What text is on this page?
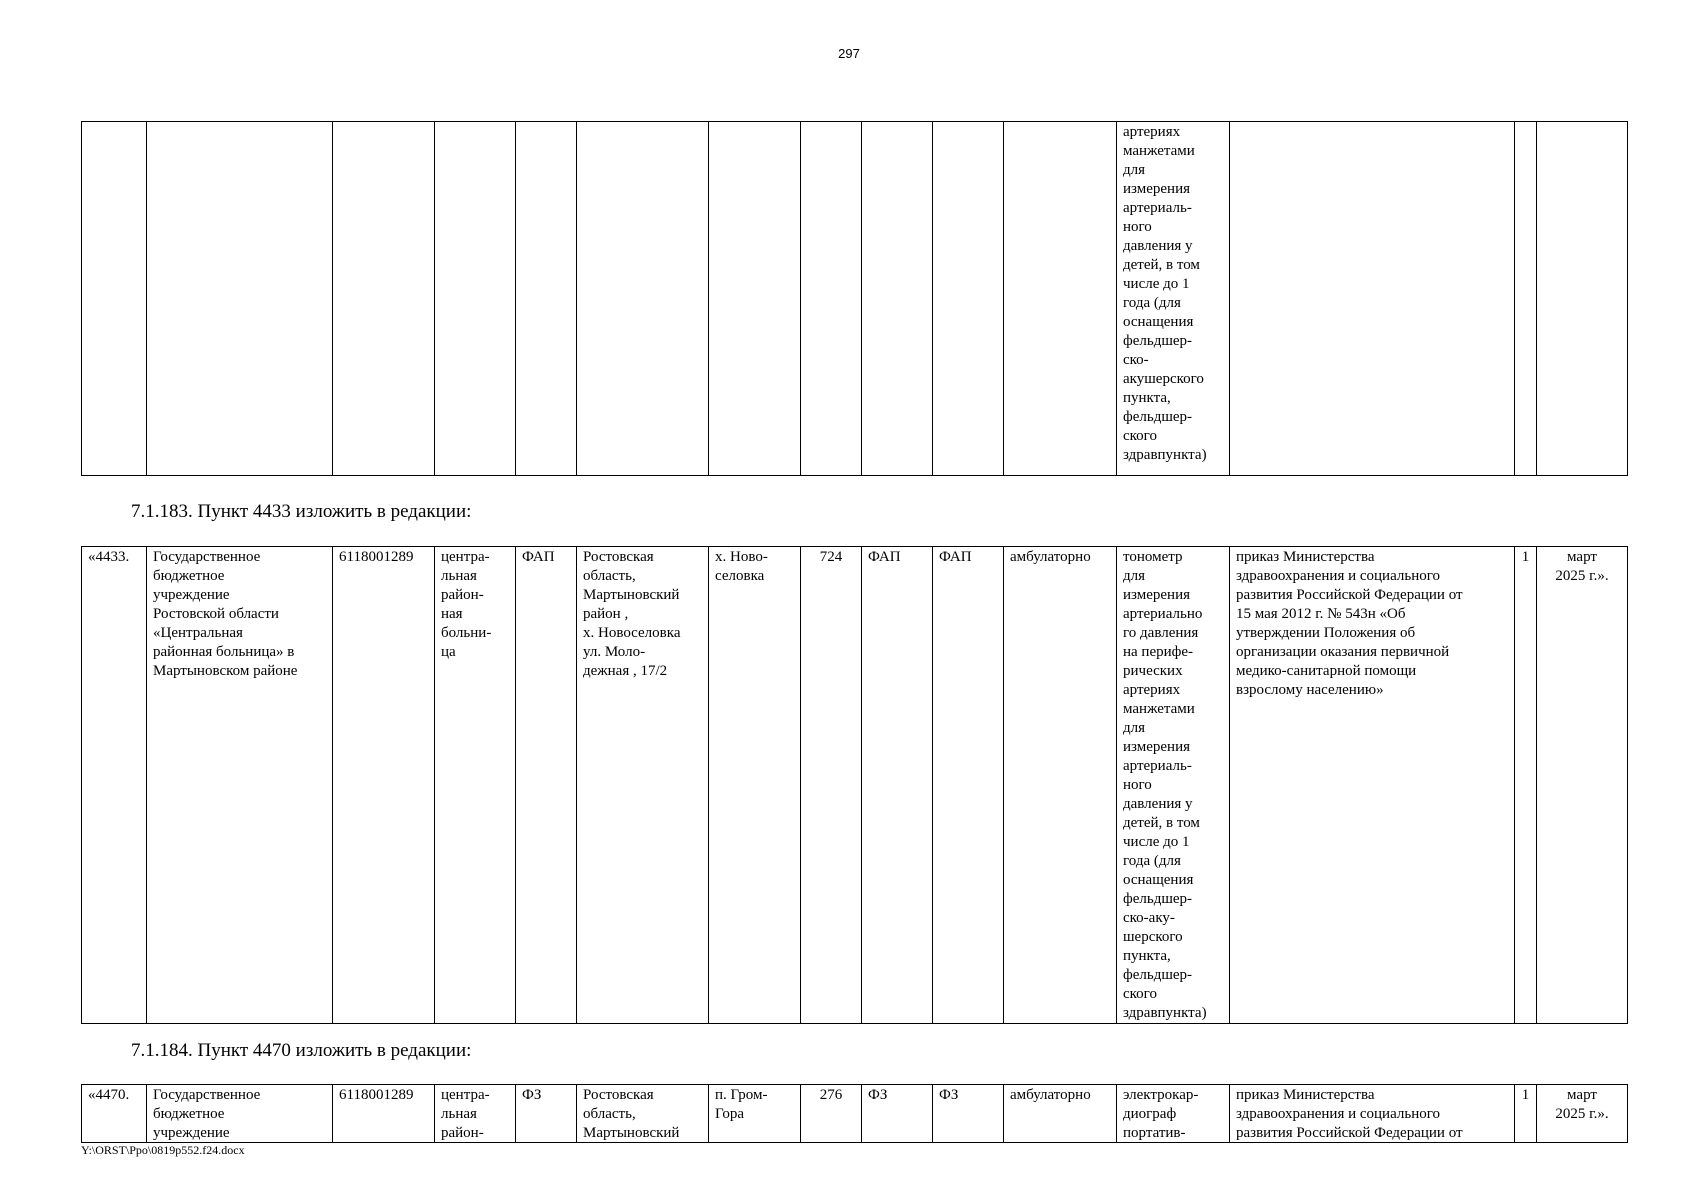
297
											артериях
манжетами
для
измерения
артериаль-
ного
давления у
детей, в том
числе до 1
года (для
оснащения
фельдшер-
ско-
акушерского
пункта,
фельдшер-
ского
здравпункта)			
7.1.183. Пункт 4433 изложить в редакции:
«4433.	Государственное
бюджетное
учреждение
Ростовской области
«Центральная
районная больница» в
Мартыновском районе	6118001289	центра-
льная
район-
ная
больни-
ца	ФАП	Ростовская
область,
Мартыновский
район ,
х. Новоселовка
ул. Моло-
дежная , 17/2	х. Ново-
селовка	724	ФАП	ФАП	амбулаторно	тонометр
для
измерения
артериально
го давления
на перифе-
рических
артериях
манжетами
для
измерения
артериаль-
ного
давления у
детей, в том
числе до 1
года (для
оснащения
фельдшер-
ско-аку-
шерского
пункта,
фельдшер-
ского
здравпункта)	приказ Министерства
здравоохранения и социального
развития Российской Федерации от
15 мая 2012 г. № 543н «Об
утверждении Положения об
организации оказания первичной
медико-санитарной помощи
взрослому населению»	1	март
2025 г.».
7.1.184. Пункт 4470 изложить в редакции:
«4470.	Государственное
бюджетное
учреждение

6118001289	центра-
льная
район-

ФЗ	Ростовская
область,
Мартыновский

п. Гром-
Гора

276	ФЗ	ФЗ	амбулаторно	электрокар-
диограф
портатив-

приказ Министерства
здравоохранения и социального
развития Российской Федерации от

1	март
2025 г.».
Y:\ORST\Ppo\0819p552.f24.docx
